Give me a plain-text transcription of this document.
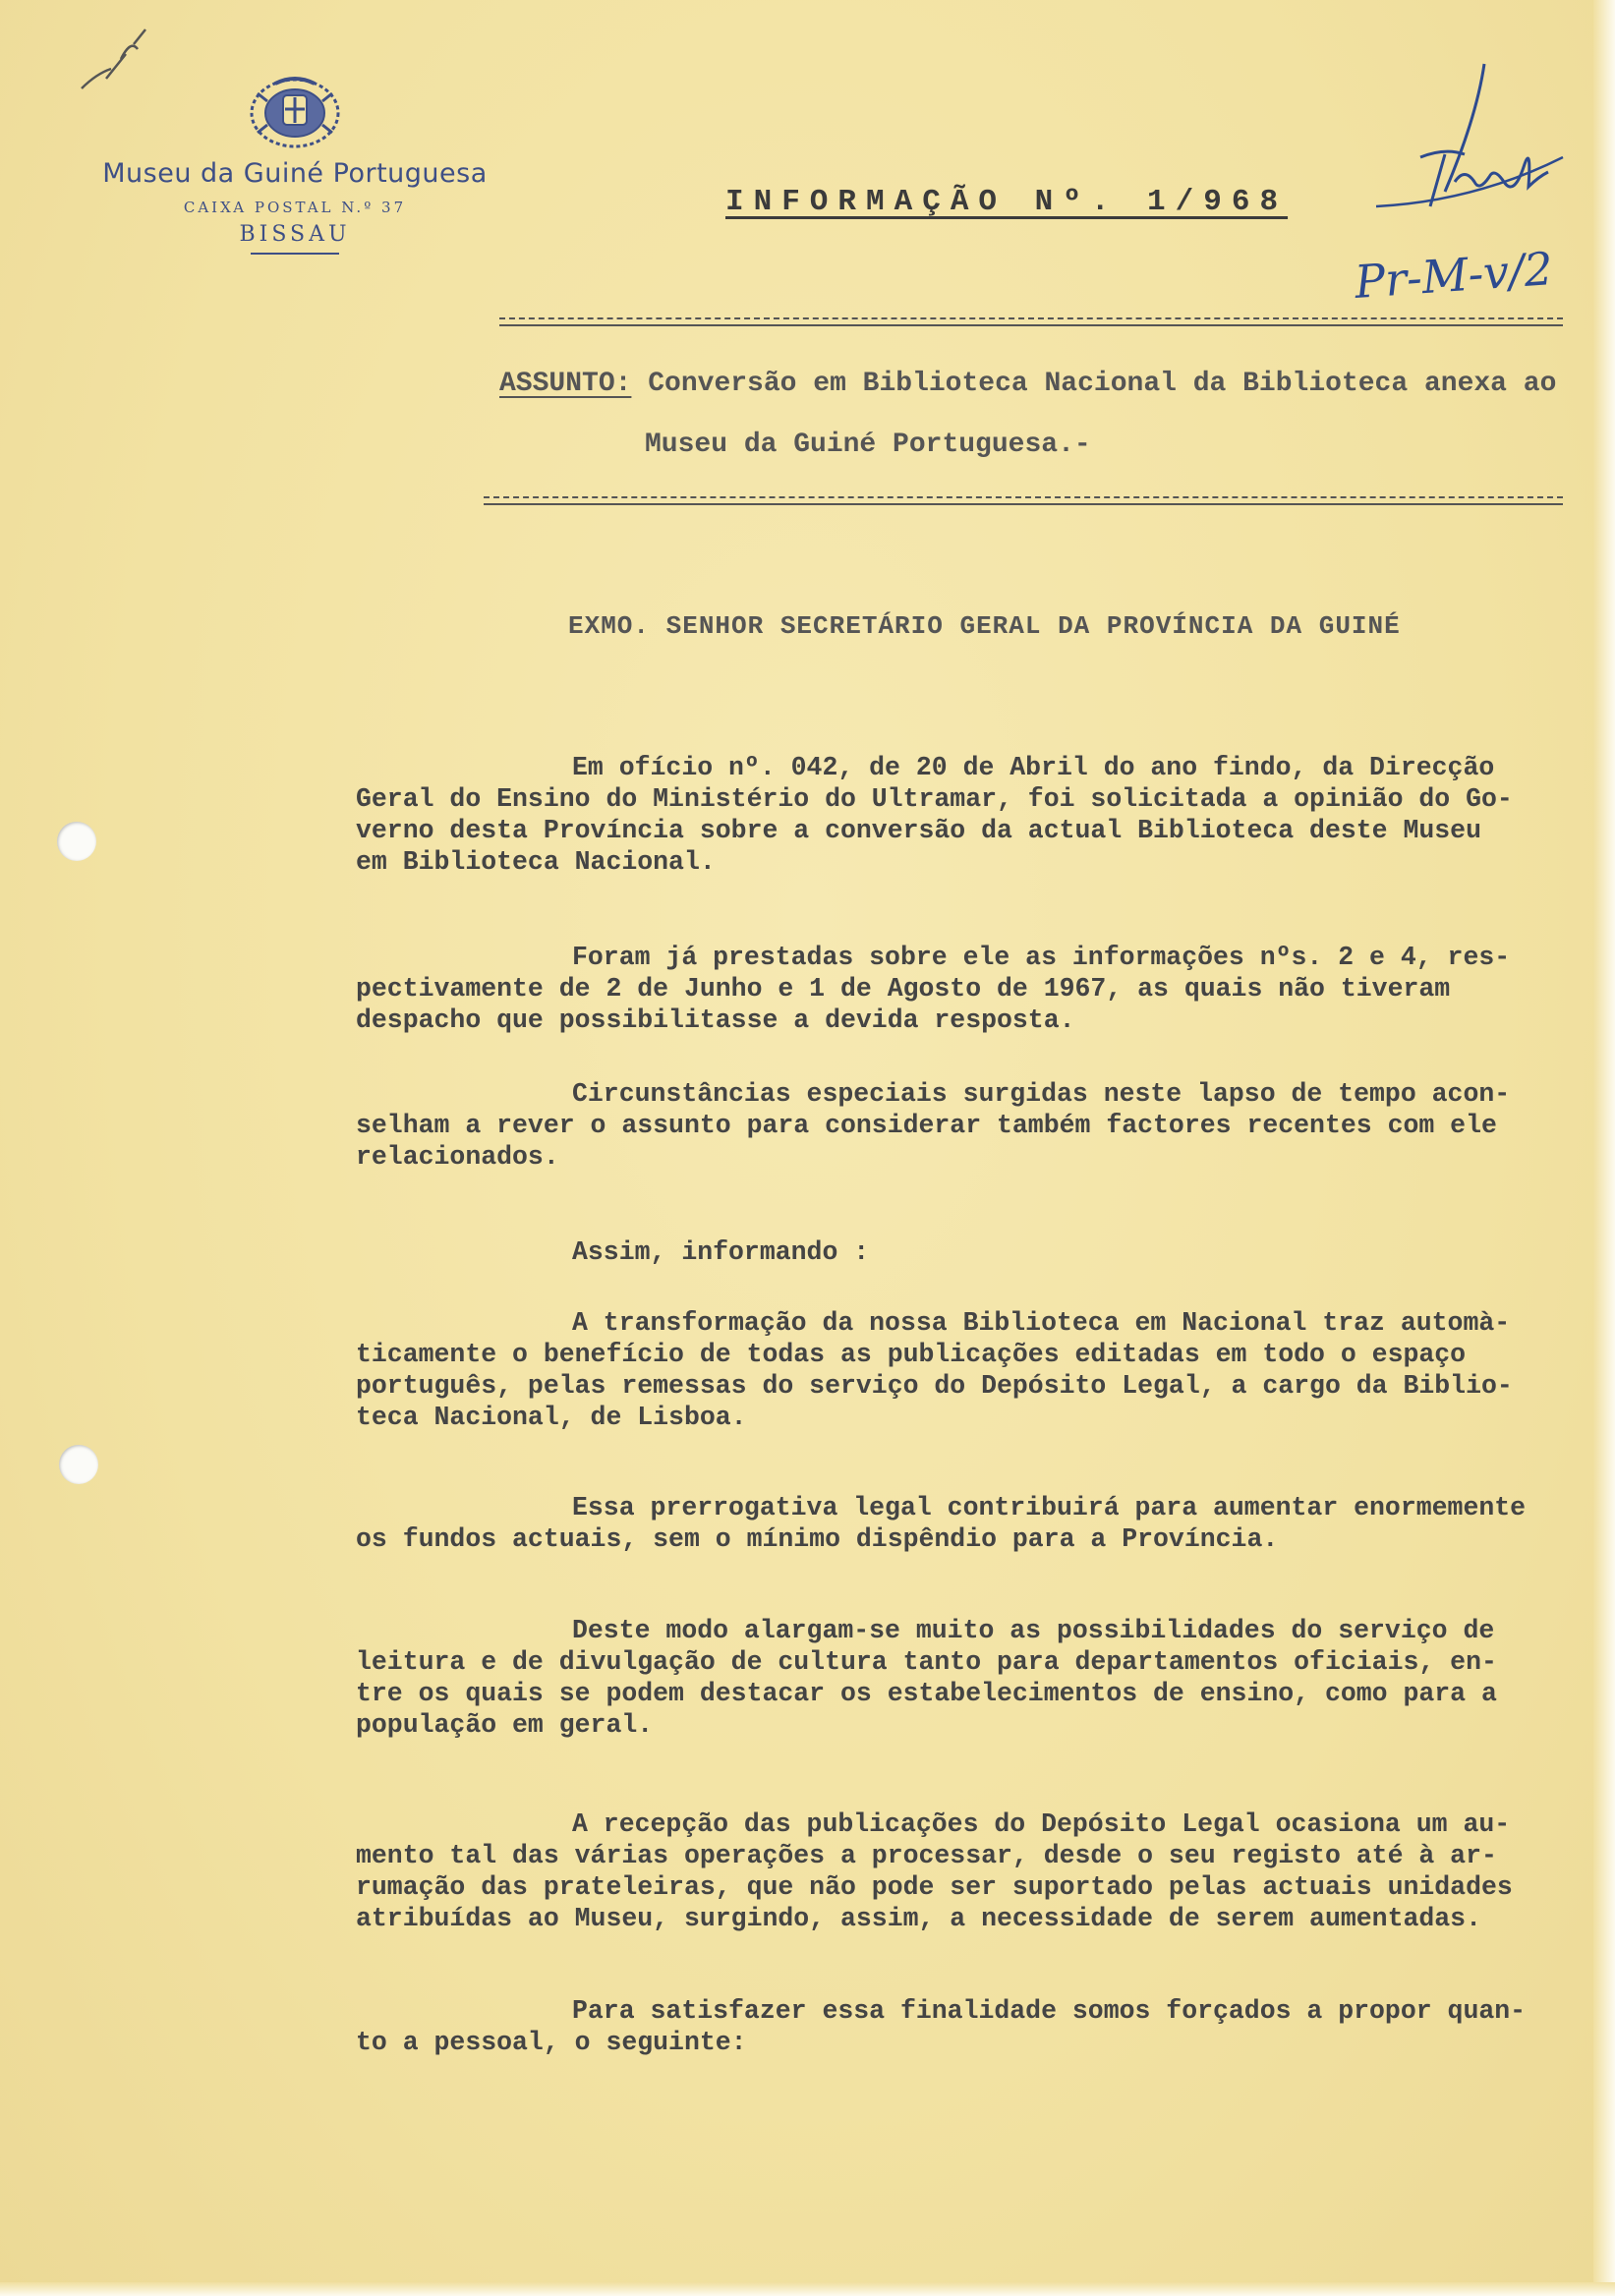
Museu da Guiné Portuguesa
CAIXA POSTAL N.º 37
BISSAU
INFORMAÇÃO Nº. 1/968
Pr-M-v/2
ASSUNTO: Conversão em Biblioteca Nacional da Biblioteca anexa ao
Museu da Guiné Portuguesa.-
EXMO. SENHOR SECRETÁRIO GERAL DA PROVÍNCIA DA GUINÉ
Em ofício nº. 042, de 20 de Abril do ano findo, da Direcção
Geral do Ensino do Ministério do Ultramar, foi solicitada a opinião do Go-
verno desta Província sobre a conversão da actual Biblioteca deste Museu
em Biblioteca Nacional.
Foram já prestadas sobre ele as informações nºs. 2 e 4, res-
pectivamente de 2 de Junho e 1 de Agosto de 1967, as quais não tiveram
despacho que possibilitasse a devida resposta.
Circunstâncias especiais surgidas neste lapso de tempo acon-
selham a rever o assunto para considerar também factores recentes com ele
relacionados.
Assim, informando :
A transformação da nossa Biblioteca em Nacional traz automà-
ticamente o benefício de todas as publicações editadas em todo o espaço
português, pelas remessas do serviço do Depósito Legal, a cargo da Biblio-
teca Nacional, de Lisboa.
Essa prerrogativa legal contribuirá para aumentar enormemente
os fundos actuais, sem o mínimo dispêndio para a Província.
Deste modo alargam-se muito as possibilidades do serviço de
leitura e de divulgação de cultura tanto para departamentos oficiais, en-
tre os quais se podem destacar os estabelecimentos de ensino, como para a
população em geral.
A recepção das publicações do Depósito Legal ocasiona um au-
mento tal das várias operações a processar, desde o seu registo até à ar-
rumação das prateleiras, que não pode ser suportado pelas actuais unidades
atribuídas ao Museu, surgindo, assim, a necessidade de serem aumentadas.
Para satisfazer essa finalidade somos forçados a propor quan-
to a pessoal, o seguinte:
